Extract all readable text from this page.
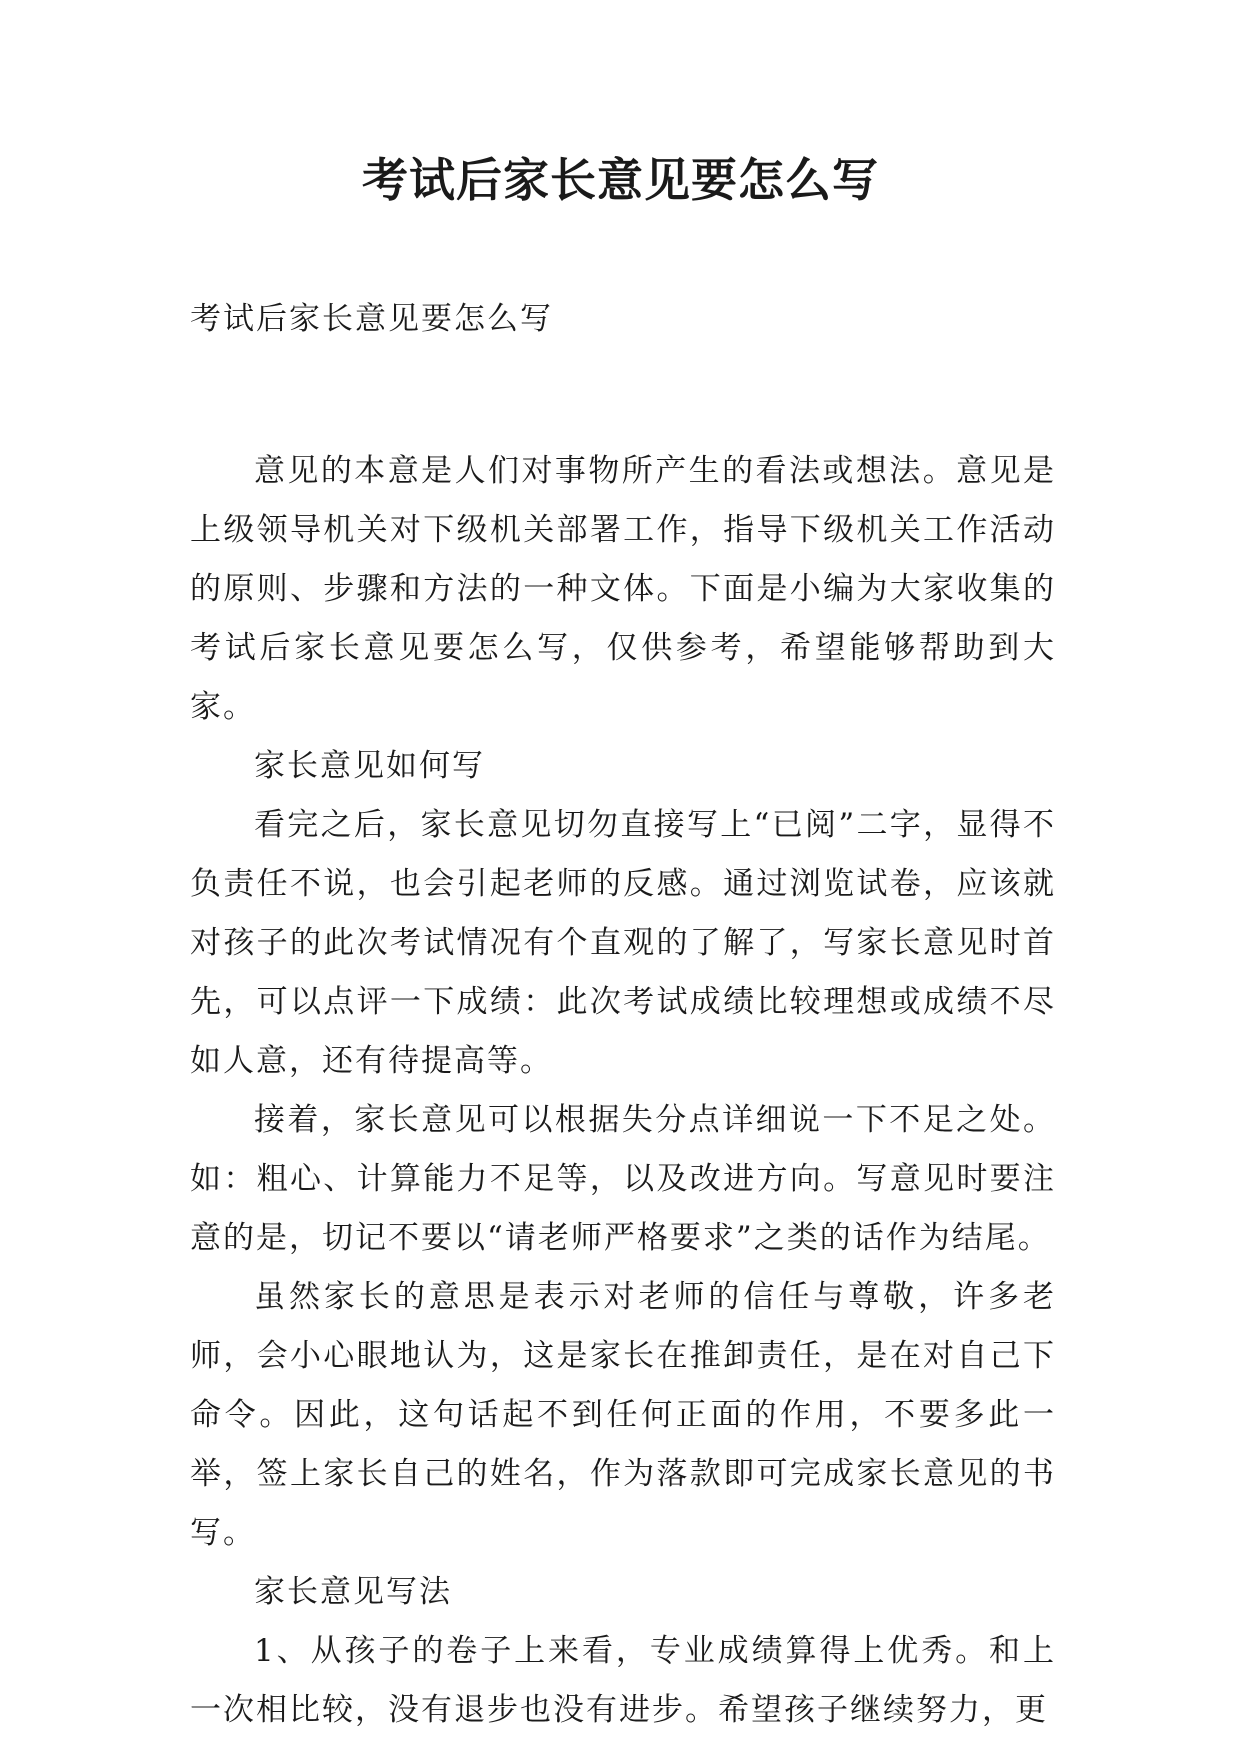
考试后家长意见要怎么写

考试后家长意见要怎么写

意见的本意是人们对事物所产生的看法或想法。意见是上级领导机关对下级机关部署工作，指导下级机关工作活动的原则、步骤和方法的一种文体。下面是小编为大家收集的考试后家长意见要怎么写，仅供参考，希望能够帮助到大家。

家长意见如何写

看完之后，家长意见切勿直接写上“已阅”二字，显得不负责任不说，也会引起老师的反感。通过浏览试卷，应该就对孩子的此次考试情况有个直观的了解了，写家长意见时首先，可以点评一下成绩：此次考试成绩比较理想或成绩不尽如人意，还有待提高等。

接着，家长意见可以根据失分点详细说一下不足之处。如：粗心、计算能力不足等，以及改进方向。写意见时要注意的是，切记不要以“请老师严格要求”之类的话作为结尾。

虽然家长的意思是表示对老师的信任与尊敬，许多老师，会小心眼地认为，这是家长在推卸责任，是在对自己下命令。因此，这句话起不到任何正面的作用，不要多此一举，签上家长自己的姓名，作为落款即可完成家长意见的书写。

家长意见写法

1、从孩子的卷子上来看，专业成绩算得上优秀。和上一次相比较，没有退步也没有进步。希望孩子继续努力，更
